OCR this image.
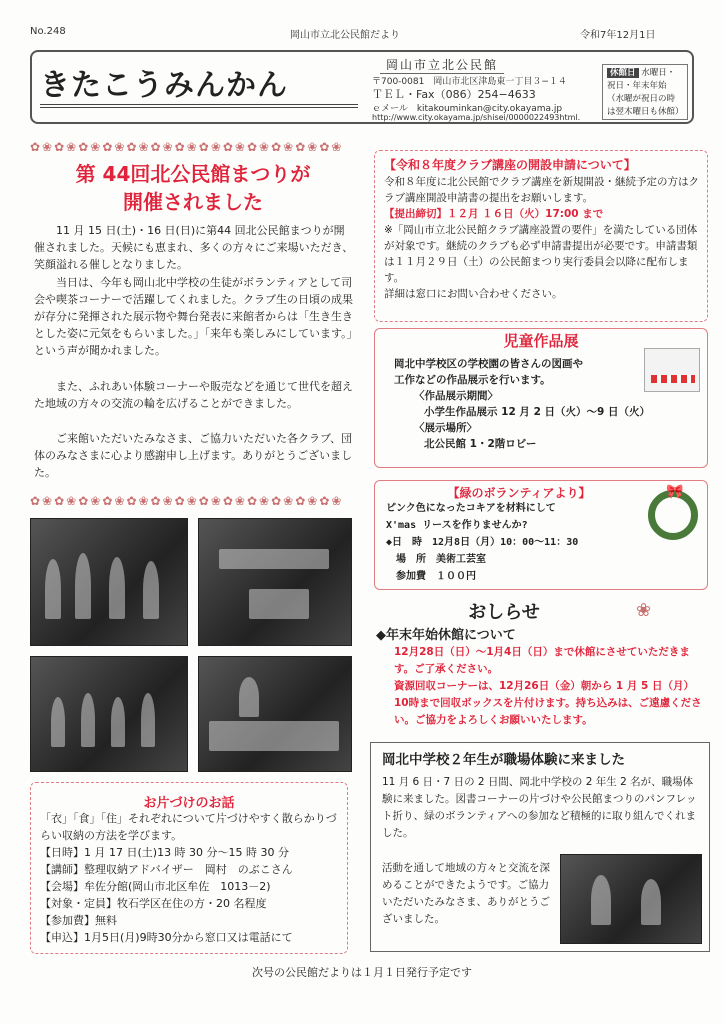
No.248	岡山市立北公民館だより	令和7年12月1日
きたこうみんかん
岡山市立北公民館
〒700-0081　岡山市北区津島東一丁目３−１４
ＴＥＬ・Fax（086）254−4633
ｅメール　kitakouminkan@city.okayama.jp
http://www.city.okayama.jp/shisei/0000022493html.
休館日 水曜日・祝日・年末年始（水曜が祝日の時は翌木曜日も休館）
✿❀✿❀✿❀✿❀✿❀✿❀✿❀✿❀✿❀✿❀✿❀✿❀✿❀
第 44回北公民館まつりが
開催されました
11 月 15 日(土)・16 日(日)に第44 回北公民館まつりが開催されました。天候にも恵まれ、多くの方々にご来場いただき、笑顔溢れる催しとなりました。
当日は、今年も岡山北中学校の生徒がボランティアとして司会や喫茶コーナーで活躍してくれました。クラブ生の日頃の成果が存分に発揮された展示物や舞台発表に来館者からは「生き生きとした姿に元気をもらいました。」「来年も楽しみにしています。」という声が聞かれました。
また、ふれあい体験コーナーや販売などを通じて世代を超えた地域の方々の交流の輪を広げることができました。
ご来館いただいたみなさま、ご協力いただいた各クラブ、団体のみなさまに心より感謝申し上げます。ありがとうございました。
✿❀✿❀✿❀✿❀✿❀✿❀✿❀✿❀✿❀✿❀✿❀✿❀✿❀
お片づけのお話
「衣」「食」「住」それぞれについて片づけやすく散らかりづらい収納の方法を学びます。
【日時】1 月 17 日(土)13 時 30 分～15 時 30 分
【講師】整理収納アドバイザー　岡村　のぶこさん
【会場】牟佐分館(岡山市北区牟佐　1013－2)
【対象・定員】牧石学区在住の方・20 名程度
【参加費】無料
【申込】1月5日(月)9時30分から窓口又は電話にて
【令和８年度クラブ講座の開設申請について】
令和８年度に北公民館でクラブ講座を新規開設・継続予定の方はクラブ講座開設申請書の提出をお願いします。
【提出締切】１２月 １６日（火）17:00 まで
※「岡山市立北公民館クラブ講座設置の要件」を満たしている団体が対象です。継続のクラブも必ず申請書提出が必要です。申請書類は１１月２９日（土）の公民館まつり実行委員会以降に配布します。
詳細は窓口にお問い合わせください。
児童作品展
岡北中学校区の学校園の皆さんの図画や
工作などの作品展示を行います。
〈作品展示期間〉
小学生作品展示 12 月 2 日（火）～9 日（火）
〈展示場所〉
北公民館 1・2階ロビー
【緑のボランティアより】
ピンク色になったコキアを材料にして
X'mas リースを作りませんか?
◆日　時　12月8日（月）10：00～11：30
　場　所　美術工芸室
　参加費　１００円
🎀
おしらせ	❀
◆年末年始休館について
12月28日（日）～1月4日（日）まで休館にさせていただきます。ご了承ください。
資源回収コーナーは、12月26日（金）朝から 1 月 5 日（月）10時まで回収ボックスを片付けます。持ち込みは、ご遠慮ください。ご協力をよろしくお願いいたします。
岡北中学校２年生が職場体験に来ました
11 月 6 日・7 日の 2 日間、岡北中学校の 2 年生 2 名が、職場体験に来ました。図書コーナーの片づけや公民館まつりのパンフレット折り、緑のボランティアへの参加など積極的に取り組んでくれました。
活動を通して地域の方々と交流を深めることができたようです。ご協力いただいたみなさま、ありがとうございました。
次号の公民館だよりは１月１日発行予定です
